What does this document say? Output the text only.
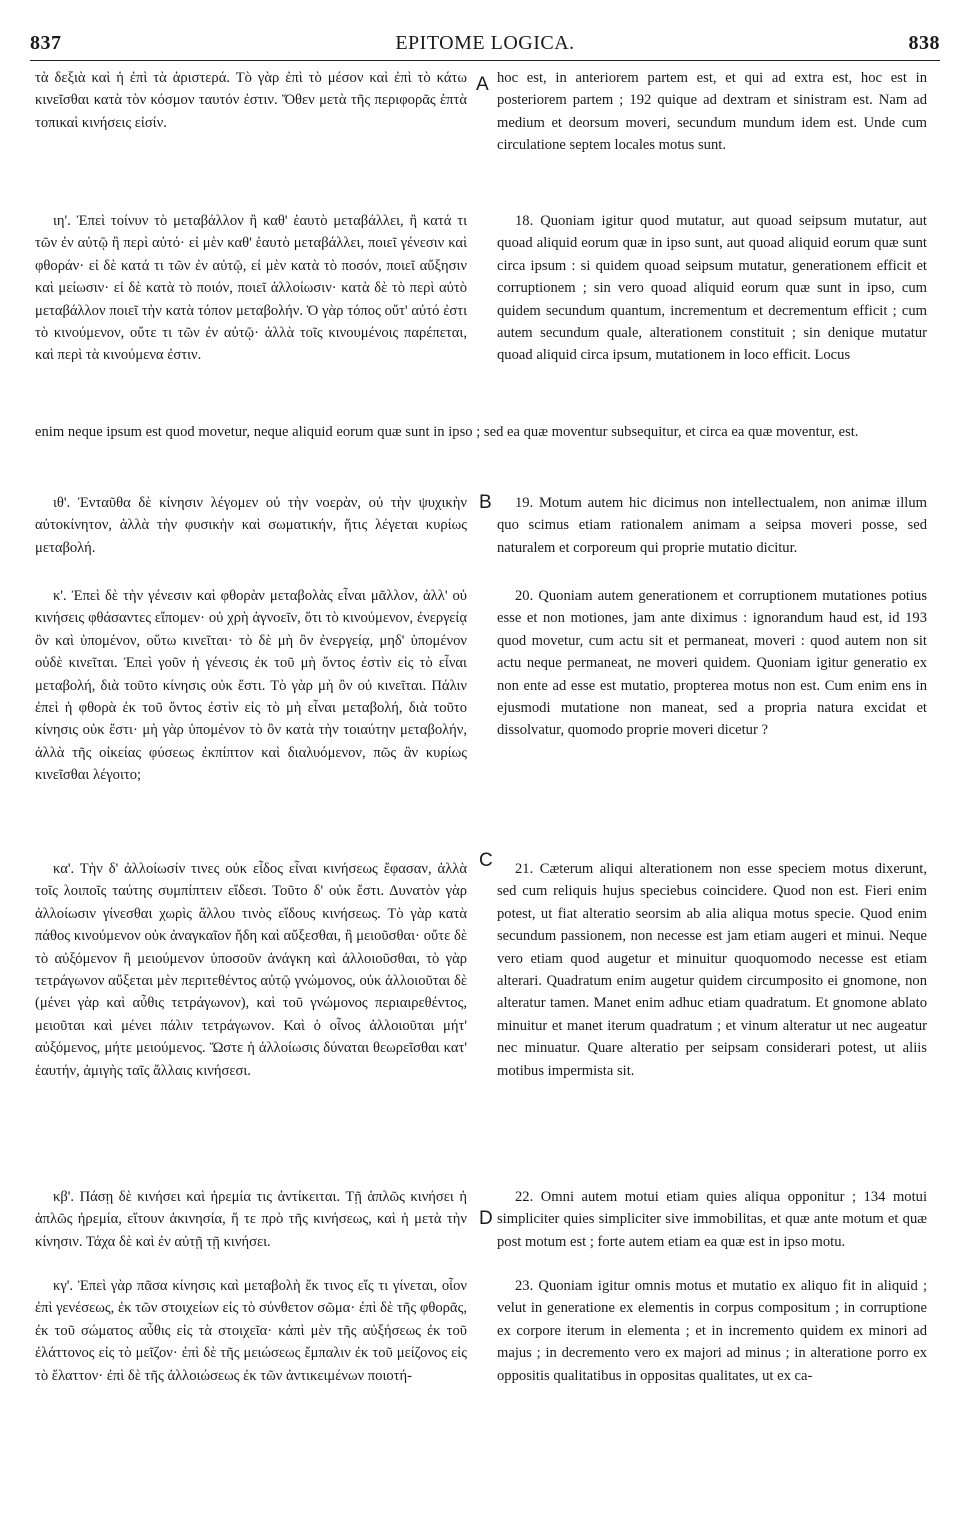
837	EPITOME LOGICA.	838
A
B
C
D

τὰ δεξιὰ καὶ ἡ ἐπὶ τὰ ἀριστερά. Τὸ γὰρ ἐπὶ τὸ μέσον καὶ ἐπὶ τὸ κάτω κινεῖσθαι κατὰ τὸν κόσμον ταυτόν ἐστιν. Ὅθεν μετὰ τῆς περιφορᾶς ἑπτὰ τοπικαὶ κινήσεις εἰσίν.

ιη'. Ἐπεὶ τοίνυν τὸ μεταβάλλον ἢ καθ' ἑαυτὸ μεταβάλλει, ἢ κατά τι τῶν ἐν αὐτῷ ἢ περὶ αὐτό· εἰ μὲν καθ' ἑαυτὸ μεταβάλλει, ποιεῖ γένεσιν καὶ φθοράν· εἰ δὲ κατά τι τῶν ἐν αὐτῷ, εἰ μὲν κατὰ τὸ ποσόν, ποιεῖ αὔξησιν καὶ μείωσιν· εἰ δὲ κατὰ τὸ ποιόν, ποιεῖ ἀλλοίωσιν· κατὰ δὲ τὸ περὶ αὐτὸ μεταβάλλον ποιεῖ τὴν κατὰ τόπον μεταβολήν. Ὁ γὰρ τόπος οὔτ' αὐτό ἐστι τὸ κινούμενον, οὔτε τι τῶν ἐν αὐτῷ· ἀλλὰ τοῖς κινουμένοις παρέπεται, καὶ περὶ τὰ κινούμενα ἐστιν.

ιθ'. Ἐνταῦθα δὲ κίνησιν λέγομεν οὐ τὴν νοερὰν, οὐ τὴν ψυχικὴν αὐτοκίνητον, ἀλλὰ τὴν φυσικὴν καὶ σωματικήν, ἥτις λέγεται κυρίως μεταβολή.

κ'. Ἐπεὶ δὲ τὴν γένεσιν καὶ φθορὰν μεταβολὰς εἶναι μᾶλλον, ἀλλ' οὐ κινήσεις φθάσαντες εἴπομεν· οὐ χρὴ ἀγνοεῖν, ὅτι τὸ κινούμενον, ἐνεργείᾳ ὂν καὶ ὑπομένον, οὕτω κινεῖται· τὸ δὲ μὴ ὂν ἐνεργείᾳ, μηδ' ὑπομένον οὐδὲ κινεῖται. Ἐπεὶ γοῦν ἡ γένεσις ἐκ τοῦ μὴ ὄντος ἐστὶν εἰς τὸ εἶναι μεταβολή, διὰ τοῦτο κίνησις οὐκ ἔστι. Τὸ γὰρ μὴ ὂν οὐ κινεῖται. Πάλιν ἐπεὶ ἡ φθορὰ ἐκ τοῦ ὄντος ἐστὶν εἰς τὸ μὴ εἶναι μεταβολή, διὰ τοῦτο κίνησις οὐκ ἔστι· μὴ γὰρ ὑπομένον τὸ ὂν κατὰ τὴν τοιαύτην μεταβολήν, ἀλλὰ τῆς οἰκείας φύσεως ἐκπίπτον καὶ διαλυόμενον, πῶς ἂν κυρίως κινεῖσθαι λέγοιτο;

κα'. Τὴν δ' ἀλλοίωσίν τινες οὐκ εἶδος εἶναι κινήσεως ἔφασαν, ἀλλὰ τοῖς λοιποῖς ταύτης συμπίπτειν εἴδεσι. Τοῦτο δ' οὐκ ἔστι. Δυνατὸν γὰρ ἀλλοίωσιν γίνεσθαι χωρὶς ἄλλου τινὸς εἴδους κινήσεως. Τὸ γὰρ κατὰ πάθος κινούμενον οὐκ ἀναγκαῖον ἤδη καὶ αὔξεσθαι, ἢ μειοῦσθαι· οὔτε δὲ τὸ αὐξόμενον ἢ μειούμενον ὑποσοῦν ἀνάγκη καὶ ἀλλοιοῦσθαι, τὸ γὰρ τετράγωνον αὔξεται μὲν περιτεθέντος αὐτῷ γνώμονος, οὐκ ἀλλοιοῦται δὲ (μένει γὰρ καὶ αὖθις τετράγωνον), καὶ τοῦ γνώμονος περιαιρεθέντος, μειοῦται καὶ μένει πάλιν τετράγωνον. Καὶ ὁ οἶνος ἀλλοιοῦται μήτ' αὐξόμενος, μήτε μειούμενος. Ὥστε ἡ ἀλλοίωσις δύναται θεωρεῖσθαι κατ' ἑαυτήν, ἀμιγὴς ταῖς ἄλλαις κινήσεσι.

κβ'. Πάσῃ δὲ κινήσει καὶ ἠρεμία τις ἀντίκειται. Τῇ ἁπλῶς κινήσει ἡ ἁπλῶς ἠρεμία, εἴτουν ἀκινησία, ἥ τε πρὸ τῆς κινήσεως, καὶ ἡ μετὰ τὴν κίνησιν. Τάχα δὲ καὶ ἐν αὐτῇ τῇ κινήσει.

κγ'. Ἐπεὶ γὰρ πᾶσα κίνησις καὶ μεταβολὴ ἔκ τινος εἴς τι γίνεται, οἷον ἐπὶ γενέσεως, ἐκ τῶν στοιχείων εἰς τὸ σύνθετον σῶμα· ἐπὶ δὲ τῆς φθορᾶς, ἐκ τοῦ σώματος αὖθις εἰς τὰ στοιχεῖα· κἀπὶ μὲν τῆς αὐξήσεως ἐκ τοῦ ἐλάττονος εἰς τὸ μεῖζον· ἐπὶ δὲ τῆς μειώσεως ἔμπαλιν ἐκ τοῦ μείζονος εἰς τὸ ἔλαττον· ἐπὶ δὲ τῆς ἀλλοιώσεως ἐκ τῶν ἀντικειμένων ποιοτή-

hoc est, in anteriorem partem est, et qui ad extra est, hoc est in posteriorem partem ; 192 quique ad dextram et sinistram est. Nam ad medium et deorsum moveri, secundum mundum idem est. Unde cum circulatione septem locales motus sunt.

18. Quoniam igitur quod mutatur, aut quoad seipsum mutatur, aut quoad aliquid eorum quæ in ipso sunt, aut quoad aliquid eorum quæ sunt circa ipsum : si quidem quoad seipsum mutatur, generationem efficit et corruptionem ; sin vero quoad aliquid eorum quæ sunt in ipso, cum quidem secundum quantum, incrementum et decrementum efficit ; cum autem secundum quale, alterationem constituit ; sin denique mutatur quoad aliquid circa ipsum, mutationem in loco efficit. Locus

enim neque ipsum est quod movetur, neque aliquid eorum quæ sunt in ipso ; sed ea quæ moventur subsequitur, et circa ea quæ moventur, est.

19. Motum autem hic dicimus non intellectualem, non animæ illum quo scimus etiam rationalem animam a seipsa moveri posse, sed naturalem et corporeum qui proprie mutatio dicitur.

20. Quoniam autem generationem et corruptionem mutationes potius esse et non motiones, jam ante diximus : ignorandum haud est, id 193 quod movetur, cum actu sit et permaneat, moveri : quod autem non sit actu neque permaneat, ne moveri quidem. Quoniam igitur generatio ex non ente ad esse est mutatio, propterea motus non est. Cum enim ens in ejusmodi mutatione non maneat, sed a propria natura excidat et dissolvatur, quomodo proprie moveri dicetur ?

21. Cæterum aliqui alterationem non esse speciem motus dixerunt, sed cum reliquis hujus speciebus coincidere. Quod non est. Fieri enim potest, ut fiat alteratio seorsim ab alia aliqua motus specie. Quod enim secundum passionem, non necesse est jam etiam augeri et minui. Neque vero etiam quod augetur et minuitur quoquomodo necesse est etiam alterari. Quadratum enim augetur quidem circumposito ei gnomone, non alteratur tamen. Manet enim adhuc etiam quadratum. Et gnomone ablato minuitur et manet iterum quadratum ; et vinum alteratur ut nec augeatur nec minuatur. Quare alteratio per seipsam considerari potest, ut aliis motibus impermista sit.

22. Omni autem motui etiam quies aliqua opponitur ; 134 motui simpliciter quies simpliciter sive immobilitas, et quæ ante motum et quæ post motum est ; forte autem etiam ea quæ est in ipso motu.

23. Quoniam igitur omnis motus et mutatio ex aliquo fit in aliquid ; velut in generatione ex elementis in corpus compositum ; in corruptione ex corpore iterum in elementa ; et in incremento quidem ex minori ad majus ; in decremento vero ex majori ad minus ; in alteratione porro ex oppositis qualitatibus in oppositas qualitates, ut ex ca-
